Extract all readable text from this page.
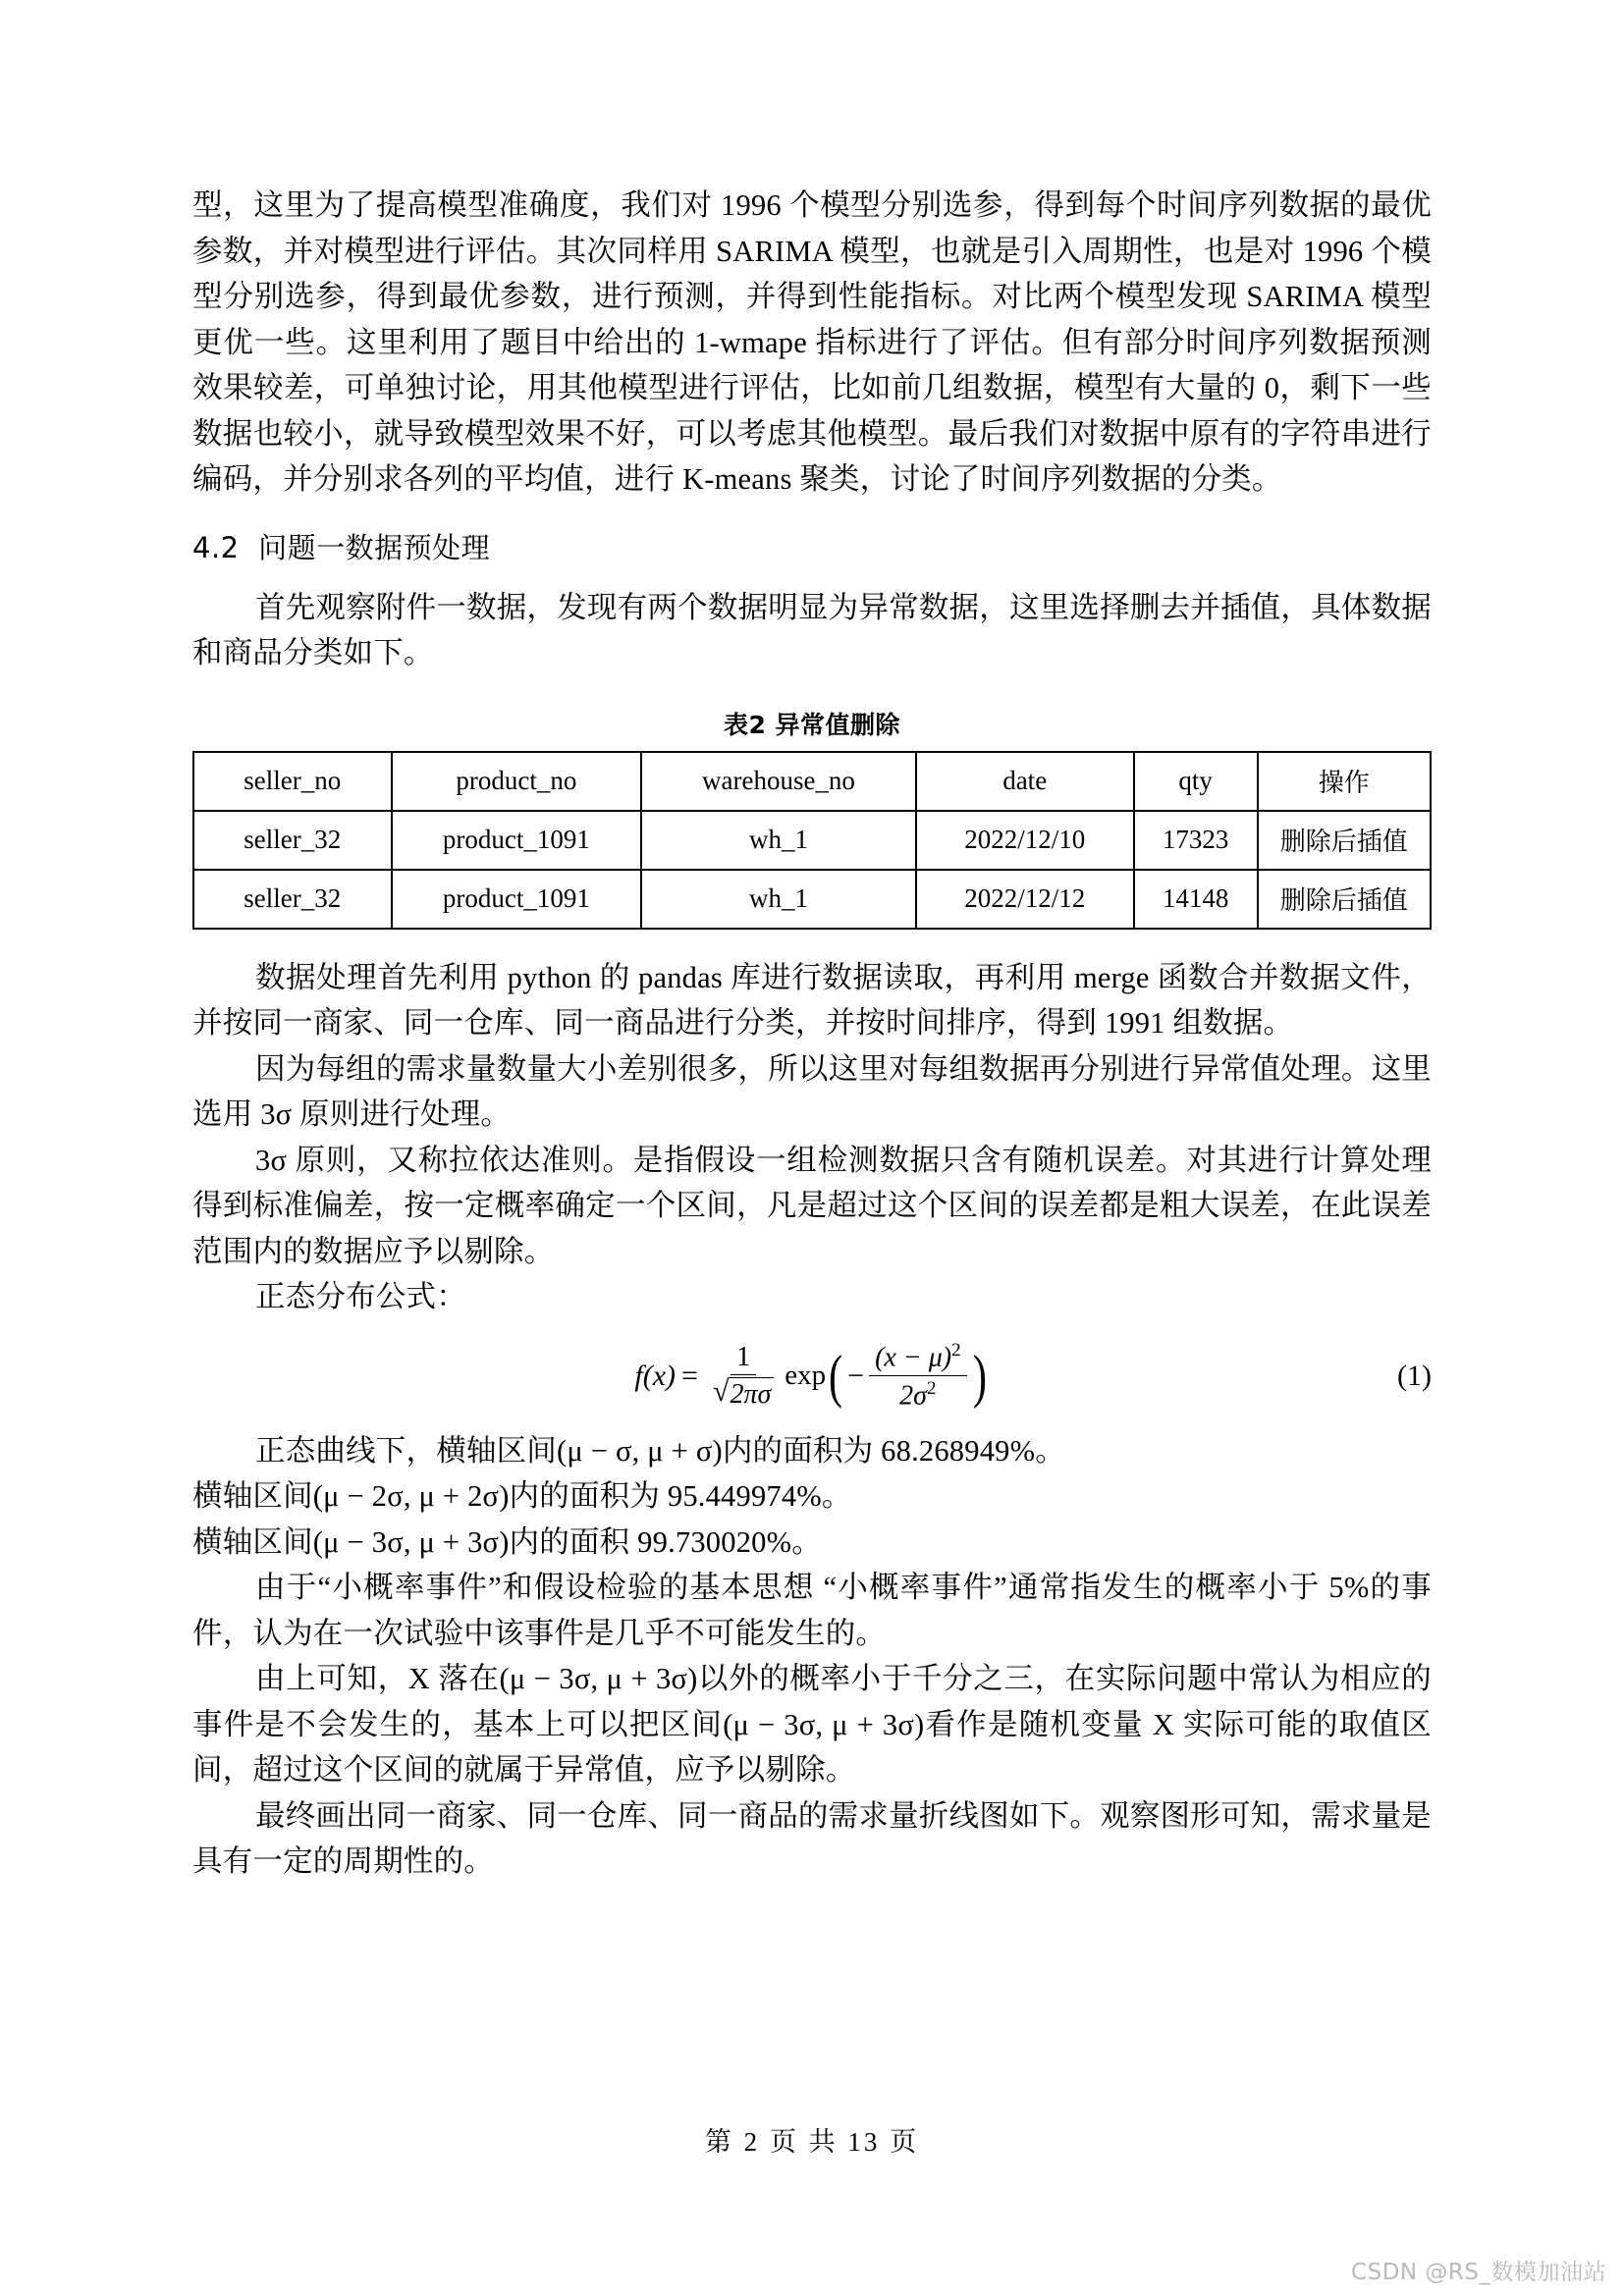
型，这里为了提高模型准确度，我们对 1996 个模型分别选参，得到每个时间序列数据的最优参数，并对模型进行评估。其次同样用 SARIMA 模型，也就是引入周期性，也是对 1996 个模型分别选参，得到最优参数，进行预测，并得到性能指标。对比两个模型发现 SARIMA 模型更优一些。这里利用了题目中给出的 1-wmape 指标进行了评估。但有部分时间序列数据预测效果较差，可单独讨论，用其他模型进行评估，比如前几组数据，模型有大量的 0，剩下一些数据也较小，就导致模型效果不好，可以考虑其他模型。最后我们对数据中原有的字符串进行编码，并分别求各列的平均值，进行 K-means 聚类，讨论了时间序列数据的分类。

4.2 问题一数据预处理

首先观察附件一数据，发现有两个数据明显为异常数据，这里选择删去并插值，具体数据和商品分类如下。

表2 异常值删除
seller_no	product_no	warehouse_no	date	qty	操作
seller_32	product_1091	wh_1	2022/12/10	17323	删除后插值
seller_32	product_1091	wh_1	2022/12/12	14148	删除后插值

数据处理首先利用 python 的 pandas 库进行数据读取，再利用 merge 函数合并数据文件，并按同一商家、同一仓库、同一商品进行分类，并按时间排序，得到 1991 组数据。

因为每组的需求量数量大小差别很多，所以这里对每组数据再分别进行异常值处理。这里选用 3σ 原则进行处理。

3σ 原则，又称拉依达准则。是指假设一组检测数据只含有随机误差。对其进行计算处理得到标准偏差，按一定概率确定一个区间，凡是超过这个区间的误差都是粗大误差，在此误差范围内的数据应予以剔除。

正态分布公式：

$f(x) = \frac{1}{√ 2\pi\sigma}$ exp ( − $\frac{(x - \mu)^2}{2\sigma^2}$ )	(1)

正态曲线下，横轴区间(μ − σ, μ + σ)内的面积为 68.268949%。

横轴区间(μ − 2σ, μ + 2σ)内的面积为 95.449974%。

横轴区间(μ − 3σ, μ + 3σ)内的面积 99.730020%。

由于“小概率事件”和假设检验的基本思想 “小概率事件”通常指发生的概率小于 5%的事件，认为在一次试验中该事件是几乎不可能发生的。

由上可知，X 落在(μ − 3σ, μ + 3σ)以外的概率小于千分之三，在实际问题中常认为相应的事件是不会发生的，基本上可以把区间(μ − 3σ, μ + 3σ)看作是随机变量 X 实际可能的取值区间，超过这个区间的就属于异常值，应予以剔除。

最终画出同一商家、同一仓库、同一商品的需求量折线图如下。观察图形可知，需求量是具有一定的周期性的。

第 2 页 共 13 页
CSDN @RS_数模加油站
